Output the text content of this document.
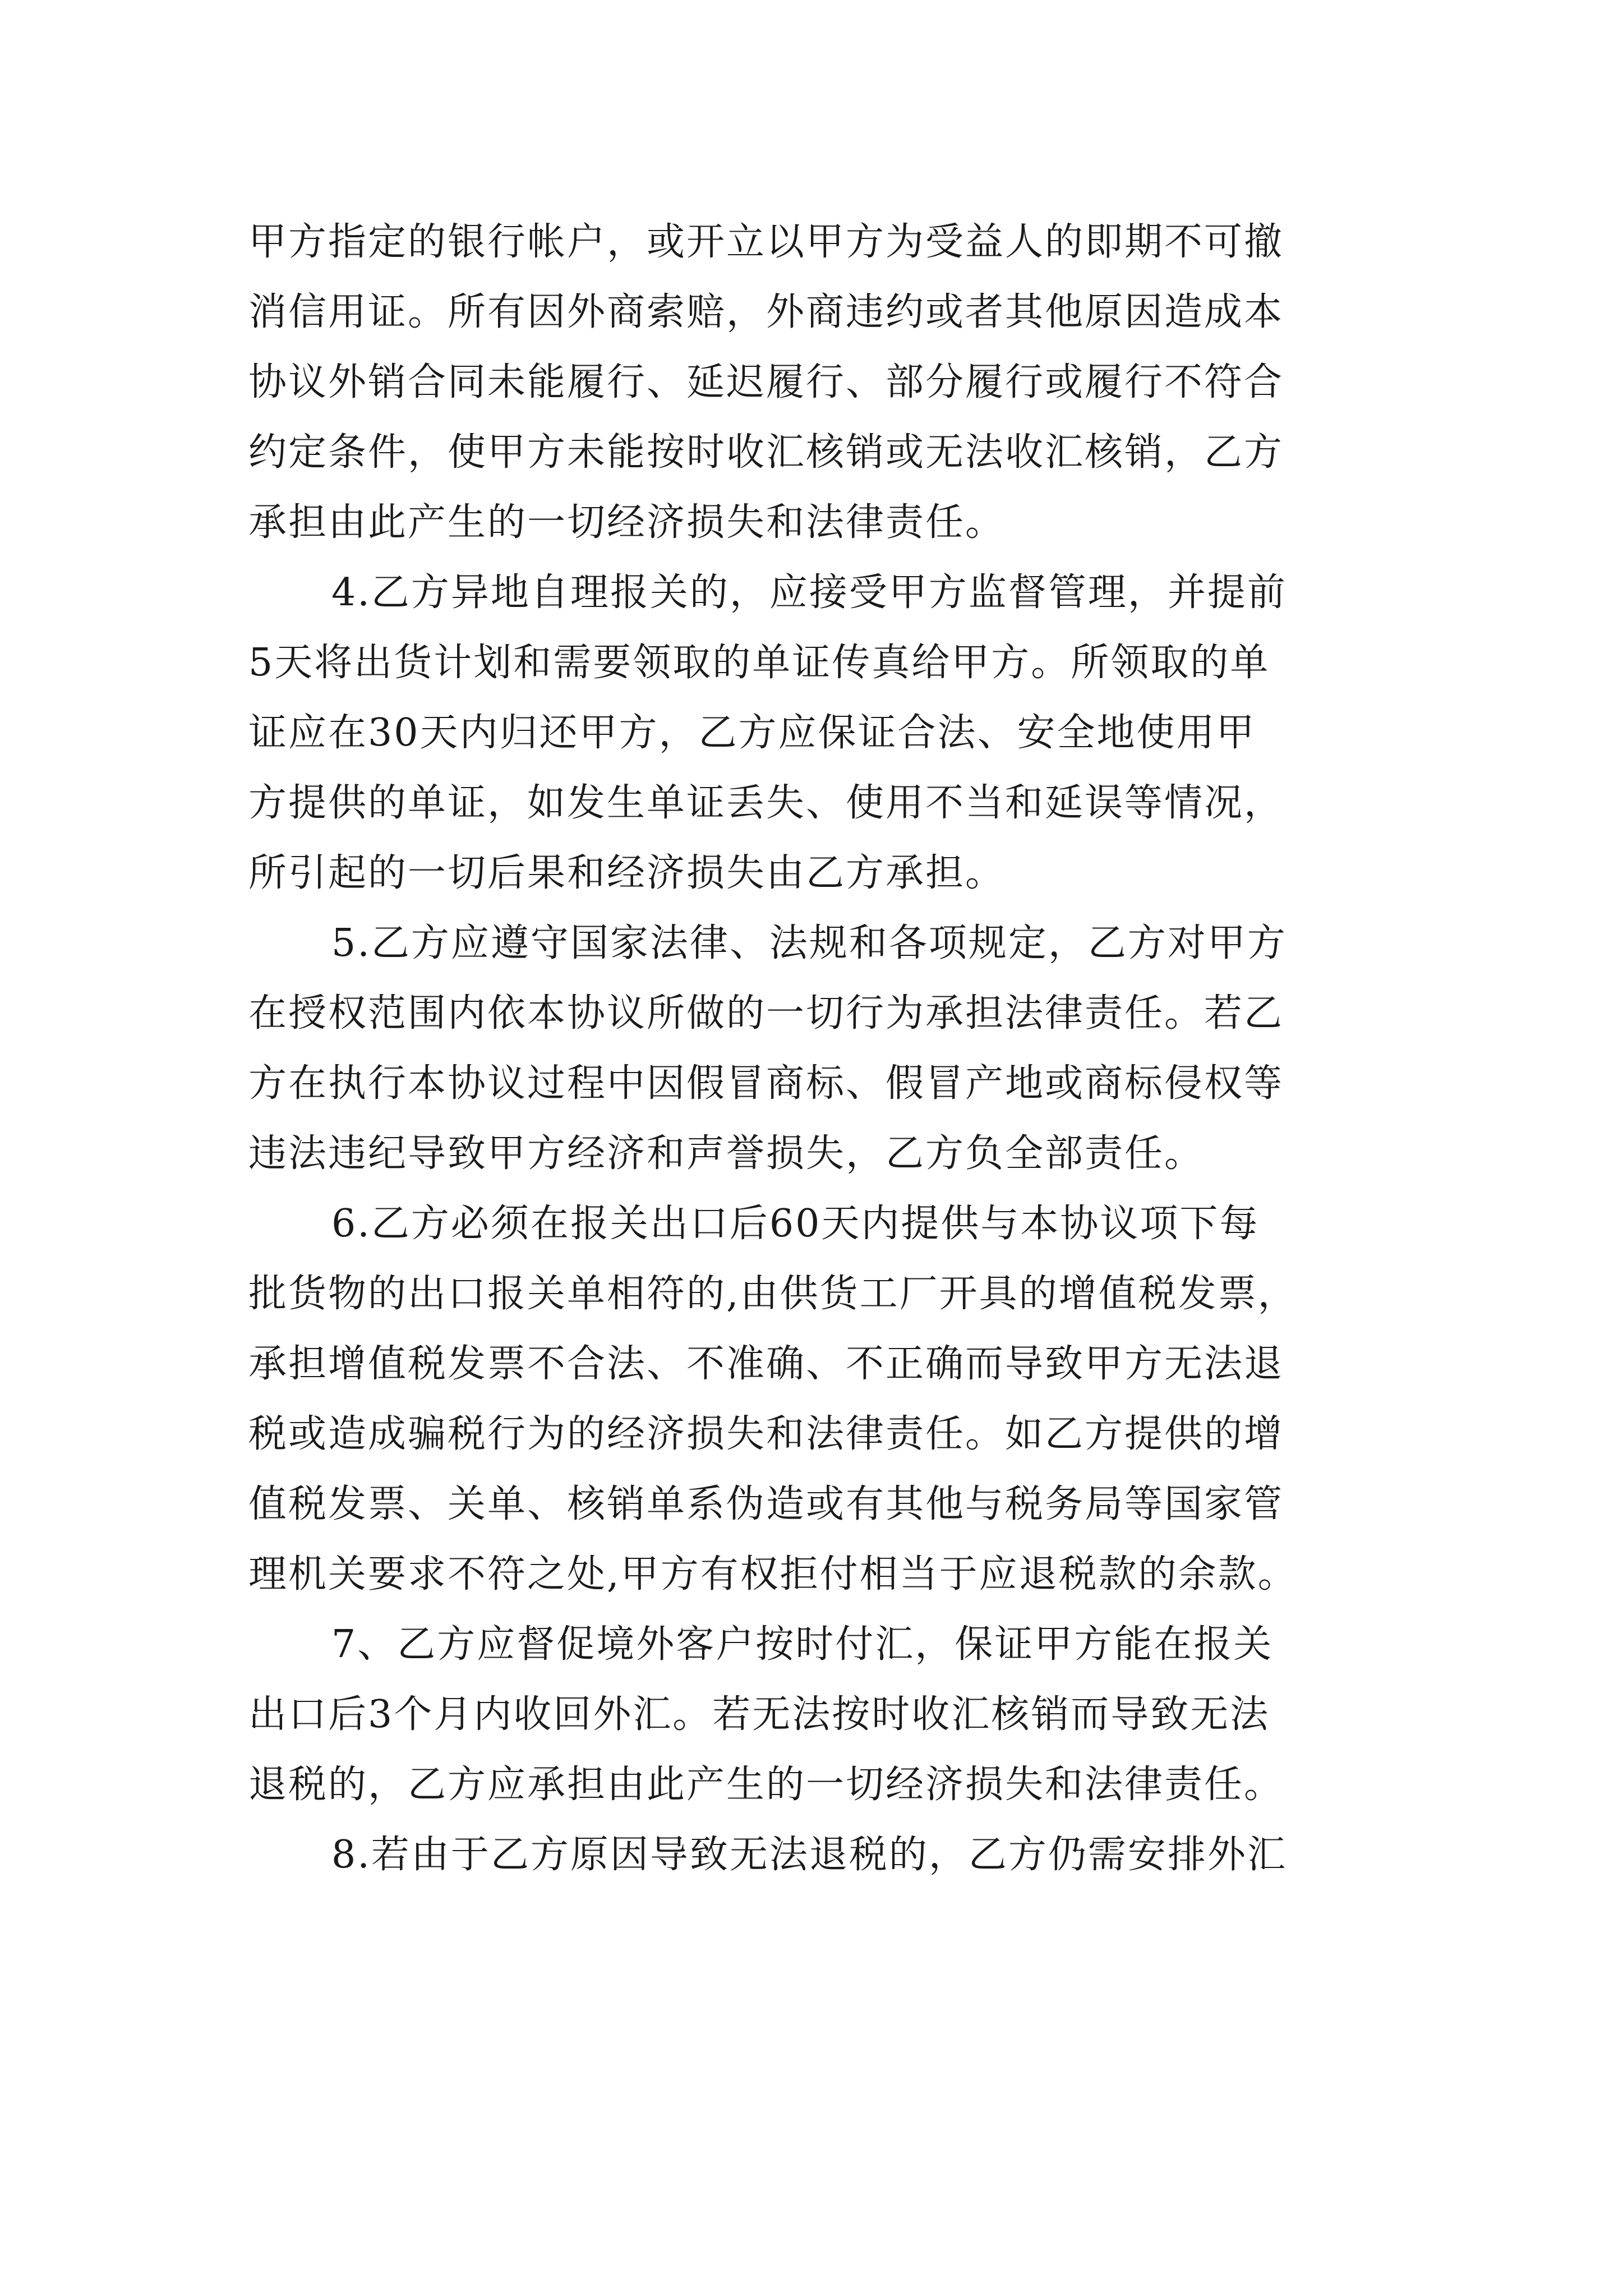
甲方指定的银行帐户，或开立以甲方为受益人的即期不可撤

消信用证。所有因外商索赔，外商违约或者其他原因造成本

协议外销合同未能履行、延迟履行、部分履行或履行不符合

约定条件，使甲方未能按时收汇核销或无法收汇核销，乙方

承担由此产生的一切经济损失和法律责任。

4.乙方异地自理报关的，应接受甲方监督管理，并提前

5天将出货计划和需要领取的单证传真给甲方。所领取的单

证应在30天内归还甲方，乙方应保证合法、安全地使用甲

方提供的单证，如发生单证丢失、使用不当和延误等情况，

所引起的一切后果和经济损失由乙方承担。

5.乙方应遵守国家法律、法规和各项规定，乙方对甲方

在授权范围内依本协议所做的一切行为承担法律责任。若乙

方在执行本协议过程中因假冒商标、假冒产地或商标侵权等

违法违纪导致甲方经济和声誉损失，乙方负全部责任。

6.乙方必须在报关出口后60天内提供与本协议项下每

批货物的出口报关单相符的,由供货工厂开具的增值税发票，

承担增值税发票不合法、不准确、不正确而导致甲方无法退

税或造成骗税行为的经济损失和法律责任。如乙方提供的增

值税发票、关单、核销单系伪造或有其他与税务局等国家管

理机关要求不符之处,甲方有权拒付相当于应退税款的余款。

7、乙方应督促境外客户按时付汇，保证甲方能在报关

出口后3个月内收回外汇。若无法按时收汇核销而导致无法

退税的，乙方应承担由此产生的一切经济损失和法律责任。

8.若由于乙方原因导致无法退税的，乙方仍需安排外汇
